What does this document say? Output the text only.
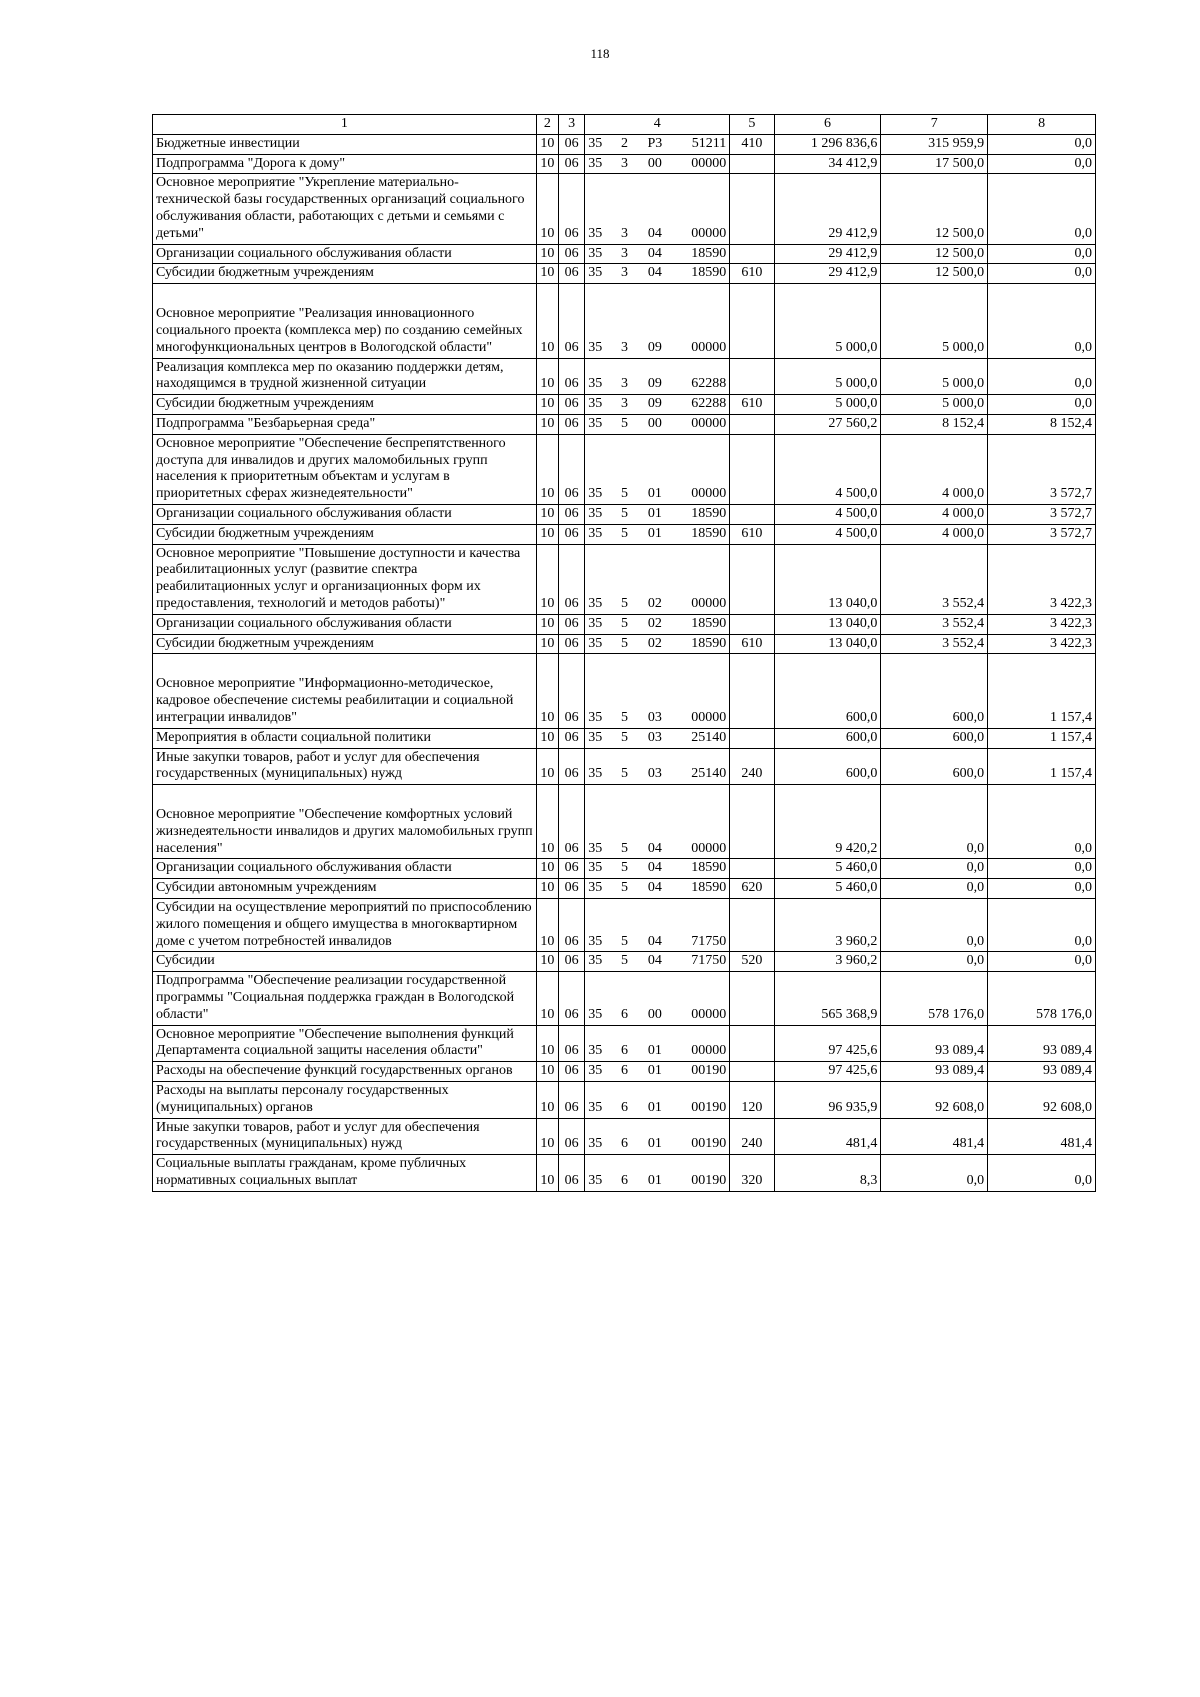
118
1	2	3	4	5	6	7	8
Бюджетные инвестиции	10	06	35 2 P3 51211	410	1 296 836,6	315 959,9	0,0
Подпрограмма "Дорога к дому"	10	06	35 3 00 00000		34 412,9	17 500,0	0,0
Основное мероприятие "Укрепление материально-технической базы государственных организаций социального обслуживания области, работающих с детьми и семьями с детьми"	10	06	35 3 04 00000		29 412,9	12 500,0	0,0
Организации социального обслуживания области	10	06	35 3 04 18590		29 412,9	12 500,0	0,0
Субсидии бюджетным учреждениям	10	06	35 3 04 18590	610	29 412,9	12 500,0	0,0
Основное мероприятие "Реализация инновационного социального проекта (комплекса мер) по созданию семейных многофункциональных центров в Вологодской области"	10	06	35 3 09 00000		5 000,0	5 000,0	0,0
Реализация комплекса мер по оказанию поддержки детям, находящимся в трудной жизненной ситуации	10	06	35 3 09 62288		5 000,0	5 000,0	0,0
Субсидии бюджетным учреждениям	10	06	35 3 09 62288	610	5 000,0	5 000,0	0,0
Подпрограмма "Безбарьерная среда"	10	06	35 5 00 00000		27 560,2	8 152,4	8 152,4
Основное мероприятие "Обеспечение беспрепятственного доступа для инвалидов и других маломобильных групп населения к приоритетным объектам и услугам в приоритетных сферах жизнедеятельности"	10	06	35 5 01 00000		4 500,0	4 000,0	3 572,7
Организации социального обслуживания области	10	06	35 5 01 18590		4 500,0	4 000,0	3 572,7
Субсидии бюджетным учреждениям	10	06	35 5 01 18590	610	4 500,0	4 000,0	3 572,7
Основное мероприятие "Повышение доступности и качества реабилитационных услуг (развитие спектра реабилитационных услуг и организационных форм их предоставления, технологий и методов работы)"	10	06	35 5 02 00000		13 040,0	3 552,4	3 422,3
Организации социального обслуживания области	10	06	35 5 02 18590		13 040,0	3 552,4	3 422,3
Субсидии бюджетным учреждениям	10	06	35 5 02 18590	610	13 040,0	3 552,4	3 422,3
Основное мероприятие "Информационно-методическое, кадровое обеспечение системы реабилитации и социальной интеграции инвалидов"	10	06	35 5 03 00000		600,0	600,0	1 157,4
Мероприятия в области социальной политики	10	06	35 5 03 25140		600,0	600,0	1 157,4
Иные закупки товаров, работ и услуг для обеспечения государственных (муниципальных) нужд	10	06	35 5 03 25140	240	600,0	600,0	1 157,4
Основное мероприятие "Обеспечение комфортных условий жизнедеятельности инвалидов и других маломобильных групп населения"	10	06	35 5 04 00000		9 420,2	0,0	0,0
Организации социального обслуживания области	10	06	35 5 04 18590		5 460,0	0,0	0,0
Субсидии автономным учреждениям	10	06	35 5 04 18590	620	5 460,0	0,0	0,0
Субсидии на осуществление мероприятий по приспособлению жилого помещения и общего имущества в многоквартирном доме с учетом потребностей инвалидов	10	06	35 5 04 71750		3 960,2	0,0	0,0
Субсидии	10	06	35 5 04 71750	520	3 960,2	0,0	0,0
Подпрограмма "Обеспечение реализации государственной программы "Социальная поддержка граждан в Вологодской области"	10	06	35 6 00 00000		565 368,9	578 176,0	578 176,0
Основное мероприятие "Обеспечение выполнения функций Департамента социальной защиты населения области"	10	06	35 6 01 00000		97 425,6	93 089,4	93 089,4
Расходы на обеспечение функций государственных органов	10	06	35 6 01 00190		97 425,6	93 089,4	93 089,4
Расходы на выплаты персоналу государственных (муниципальных) органов	10	06	35 6 01 00190	120	96 935,9	92 608,0	92 608,0
Иные закупки товаров, работ и услуг для обеспечения государственных (муниципальных) нужд	10	06	35 6 01 00190	240	481,4	481,4	481,4
Социальные выплаты гражданам, кроме публичных нормативных социальных выплат	10	06	35 6 01 00190	320	8,3	0,0	0,0
